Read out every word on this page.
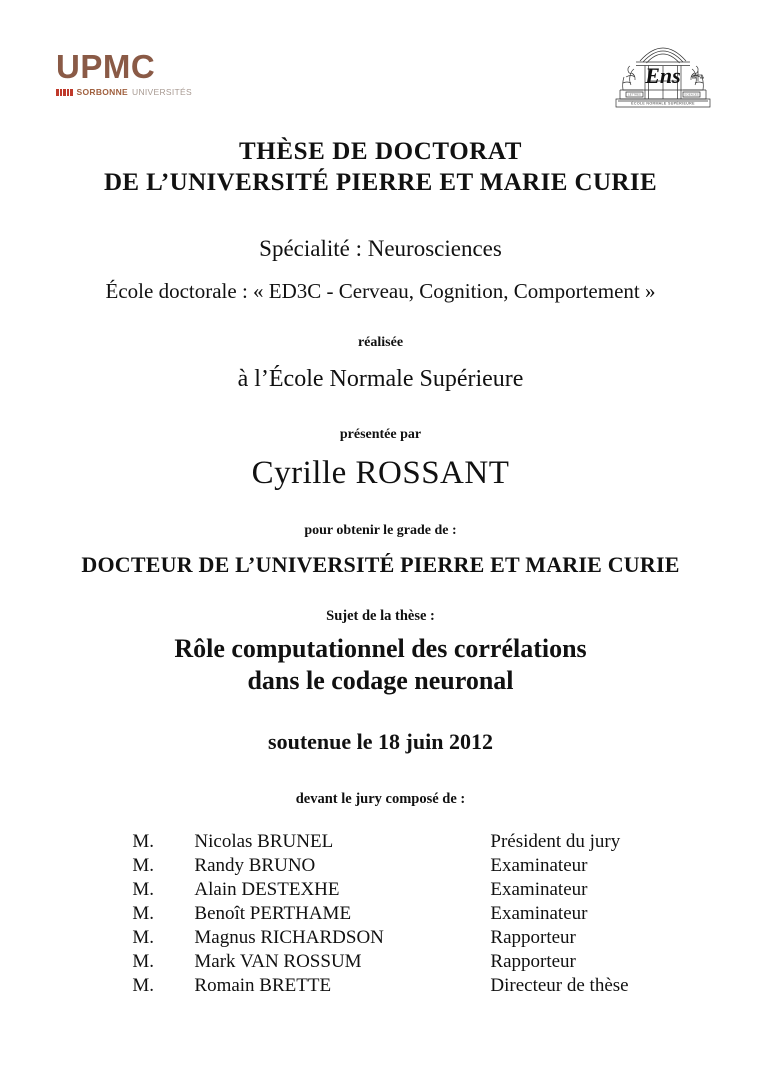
UPMC
SORBONNE UNIVERSITÉS	LETTRES	SCIENCES
Ens
ÉCOLE NORMALE SUPÉRIEURE
THÈSE DE DOCTORAT
DE L’UNIVERSITÉ PIERRE ET MARIE CURIE
Spécialité : Neurosciences
École doctorale : « ED3C - Cerveau, Cognition, Comportement »
réalisée
à l’École Normale Supérieure
présentée par
Cyrille ROSSANT
pour obtenir le grade de :
DOCTEUR DE L’UNIVERSITÉ PIERRE ET MARIE CURIE
Sujet de la thèse :
Rôle computationnel des corrélations
dans le codage neuronal
soutenue le 18 juin 2012
devant le jury composé de :
M.	Nicolas BRUNEL	Président du jury
M.	Randy BRUNO	Examinateur
M.	Alain DESTEXHE	Examinateur
M.	Benoît PERTHAME	Examinateur
M.	Magnus RICHARDSON	Rapporteur
M.	Mark VAN ROSSUM	Rapporteur
M.	Romain BRETTE	Directeur de thèse
